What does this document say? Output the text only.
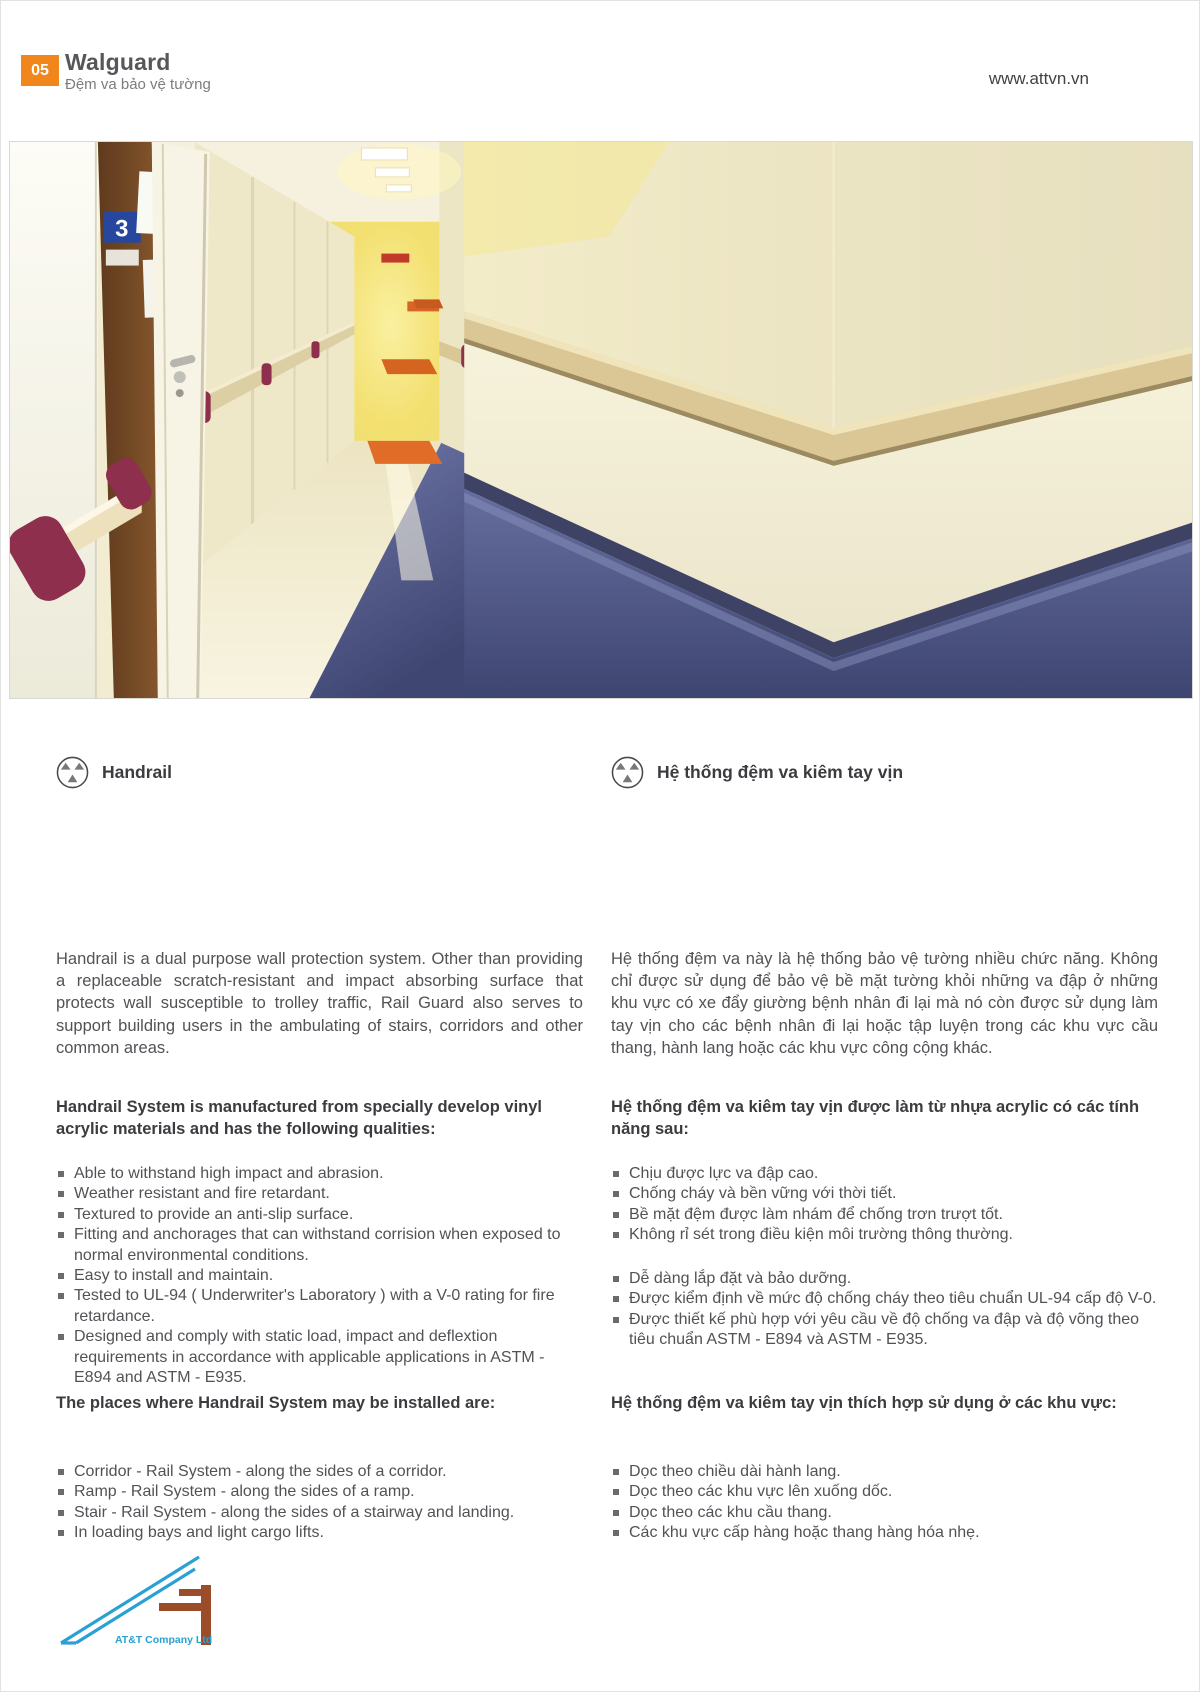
05 Walguard
Đệm va bảo vệ tường	www.attvn.vn
3
Handrail

Handrail is a dual purpose wall protection system. Other than providing a replaceable scratch-resistant and impact absorbing surface that protects wall susceptible to trolley traffic, Rail Guard also serves to support building users in the ambulating of stairs, corridors and other common areas.

Handrail System is manufactured from specially develop vinyl acrylic materials and has the following qualities:
Able to withstand high impact and abrasion.
Weather resistant and fire retardant.
Textured to provide an anti-slip surface.
Fitting and anchorages that can withstand corrision when exposed to normal environmental conditions.
Easy to install and maintain.
Tested to UL-94 ( Underwriter's Laboratory ) with a V-0 rating for fire retardance.
Designed and comply with static load, impact and deflextion requirements in accordance with applicable applications in ASTM - E894 and ASTM - E935.
The places where Handrail System may be installed are:
Corridor - Rail System - along the sides of a corridor.
Ramp - Rail System - along the sides of a ramp.
Stair - Rail System - along the sides of a stairway and landing.
In loading bays and light cargo lifts.
Hệ thống đệm va kiêm tay vịn

Hệ thống đệm va này là hệ thống bảo vệ tường nhiều chức năng. Không chỉ được sử dụng để bảo vệ bề mặt tường khỏi những va đập ở những khu vực có xe đẩy giường bệnh nhân đi lại mà nó còn được sử dụng làm tay vịn cho các bệnh nhân đi lại hoặc tập luyện trong các khu vực cầu thang, hành lang hoặc các khu vực công cộng khác.

Hệ thống đệm va kiêm tay vịn được làm từ nhựa acrylic có các tính năng sau:
Chịu được lực va đập cao.
Chống cháy và bền vững với thời tiết.
Bề mặt đệm được làm nhám để chống trơn trượt tốt.
Không rỉ sét trong điều kiện môi trường thông thường.
Dễ dàng lắp đặt và bảo dưỡng.
Được kiểm định về mức độ chống cháy theo tiêu chuẩn UL-94 cấp độ V-0.
Được thiết kế phù hợp với yêu cầu về độ chống va đập và độ võng theo tiêu chuẩn ASTM - E894 và ASTM - E935.
Hệ thống đệm va kiêm tay vịn thích hợp sử dụng ở các khu vực:
Dọc theo chiều dài hành lang.
Dọc theo các khu vực lên xuống dốc.
Dọc theo các khu cầu thang.
Các khu vực cấp hàng hoặc thang hàng hóa nhẹ.
AT&T Company Ltd
